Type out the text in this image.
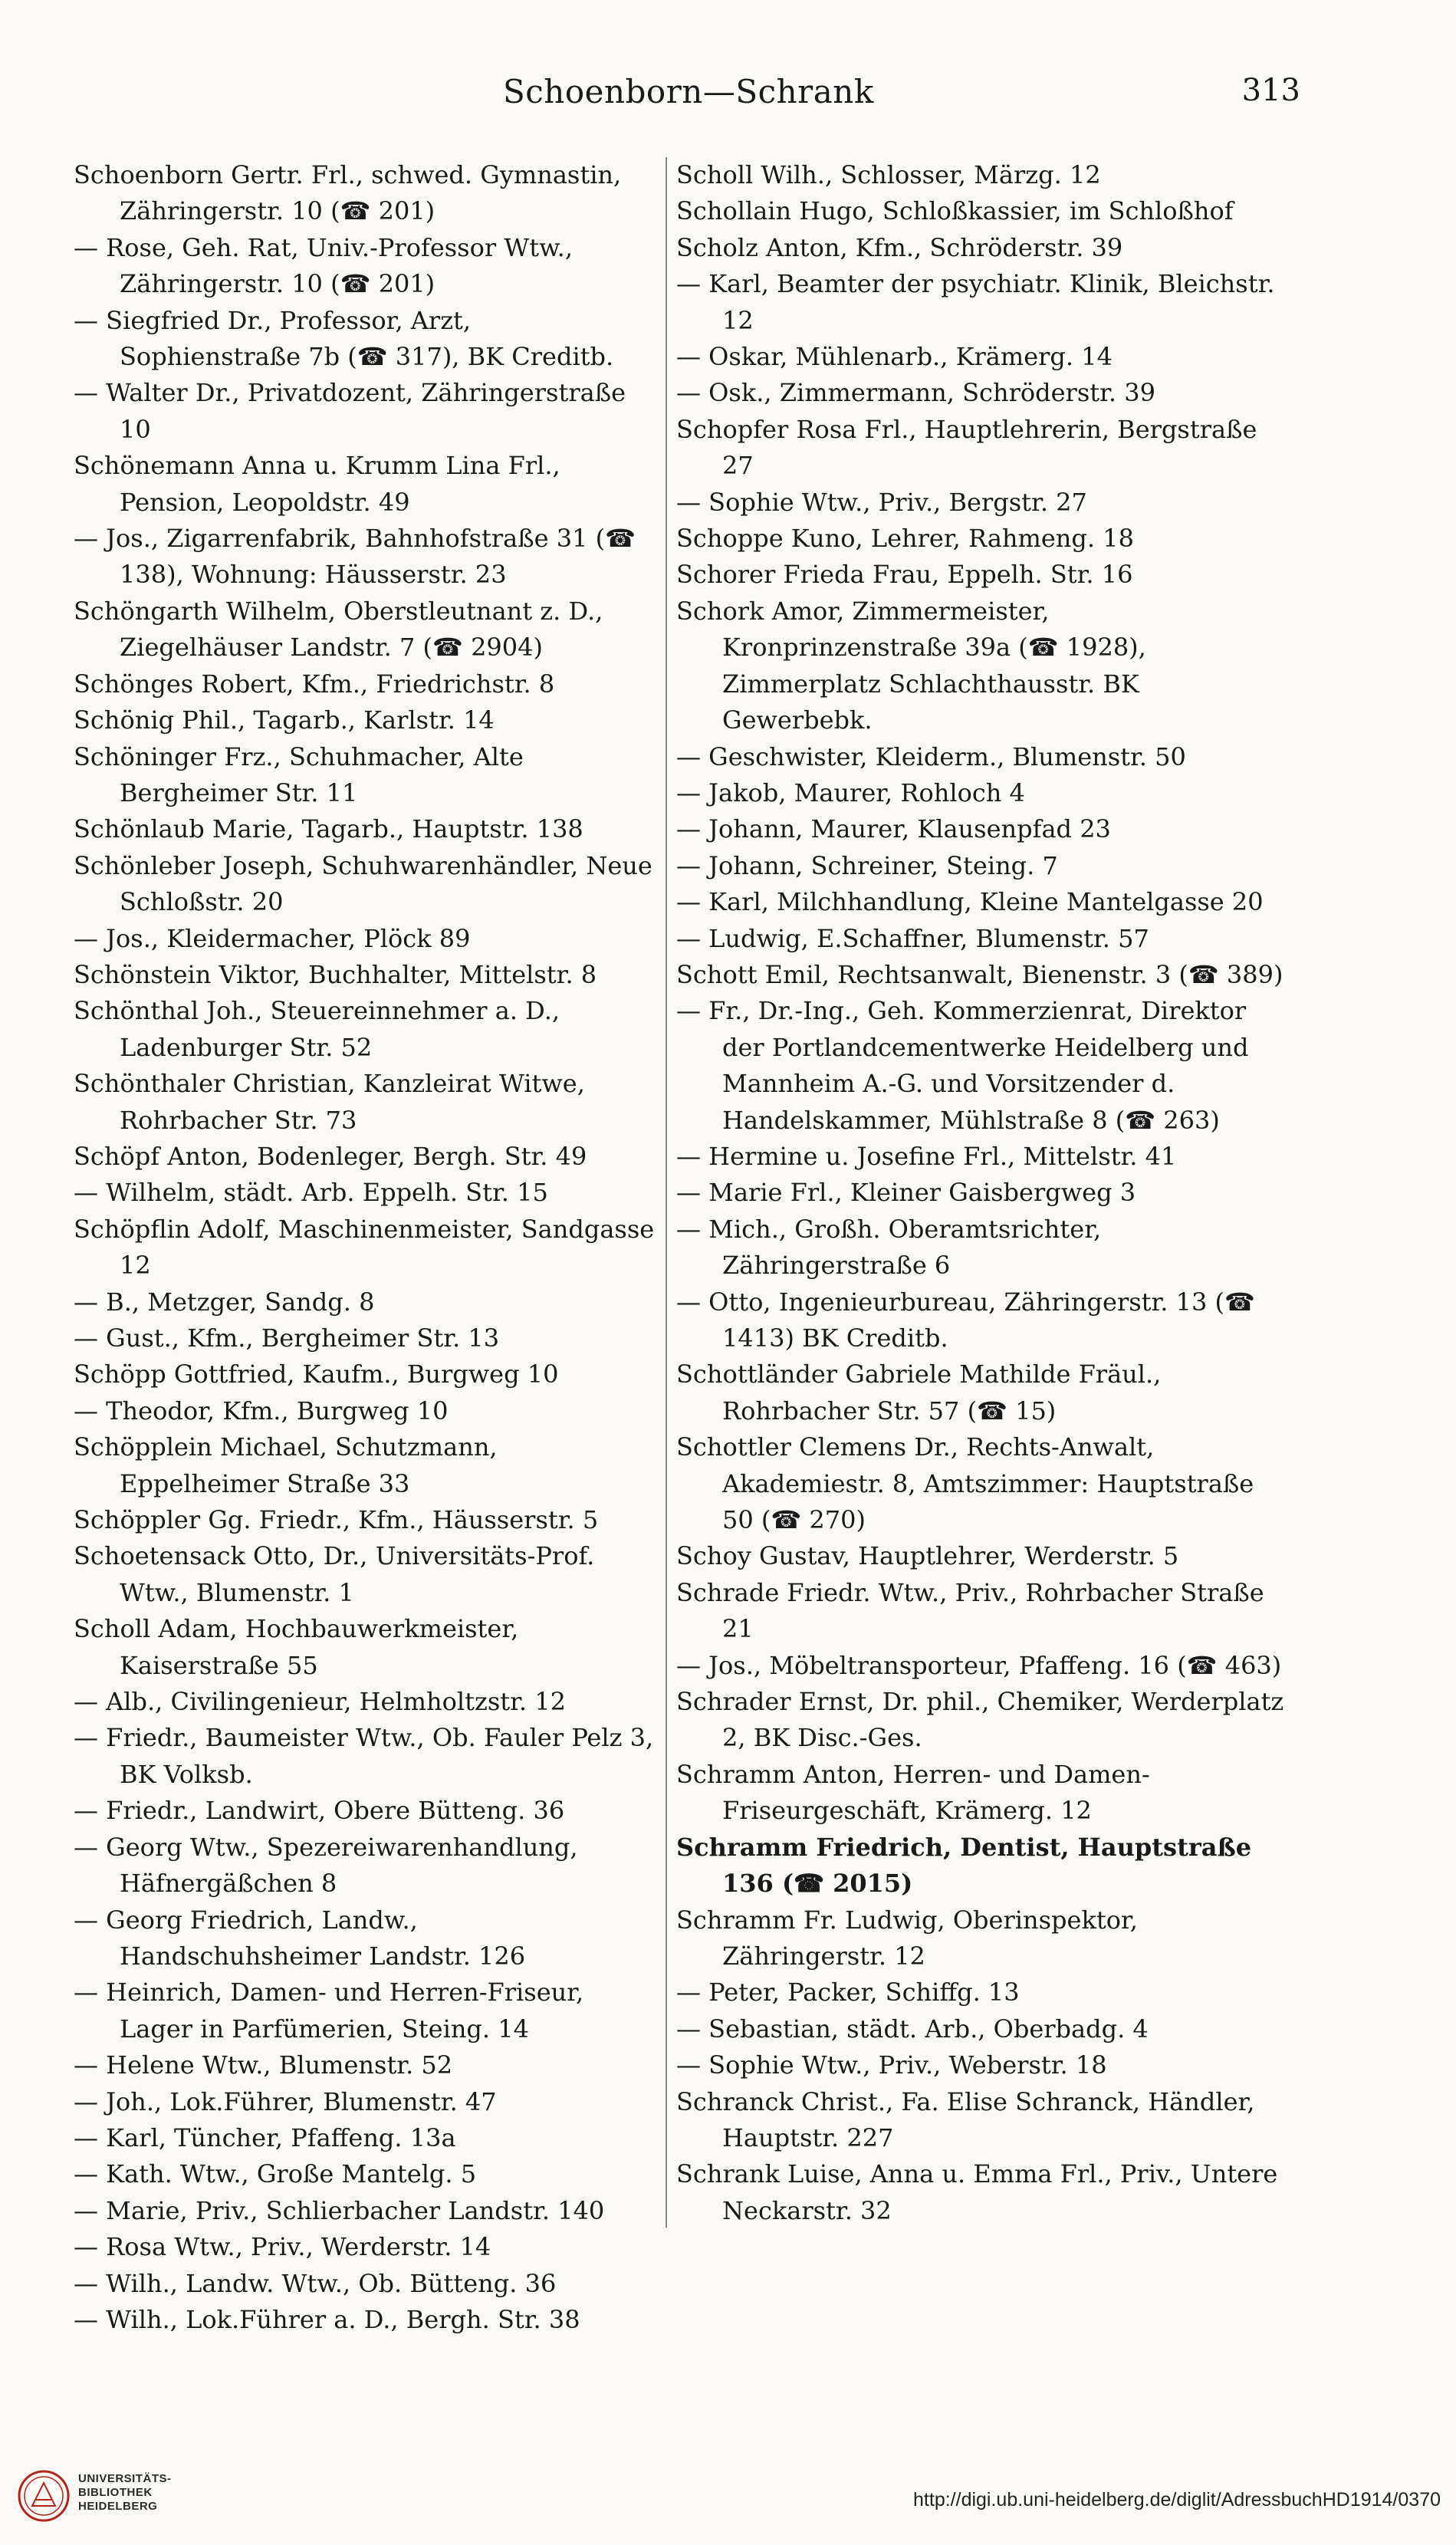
Schoenborn—Schrank	313

Schoenborn Gertr. Frl., schwed. Gymnastin, Zähringerstr. 10 (☎ 201)

— Rose, Geh. Rat, Univ.-Professor Wtw., Zähringerstr. 10 (☎ 201)

— Siegfried Dr., Professor, Arzt, Sophienstraße 7b (☎ 317), BK Creditb.

— Walter Dr., Privatdozent, Zähringerstraße 10

Schönemann Anna u. Krumm Lina Frl., Pension, Leopoldstr. 49

— Jos., Zigarrenfabrik, Bahnhofstraße 31 (☎ 138), Wohnung: Häusserstr. 23

Schöngarth Wilhelm, Oberstleutnant z. D., Ziegelhäuser Landstr. 7 (☎ 2904)

Schönges Robert, Kfm., Friedrichstr. 8

Schönig Phil., Tagarb., Karlstr. 14

Schöninger Frz., Schuhmacher, Alte Bergheimer Str. 11

Schönlaub Marie, Tagarb., Hauptstr. 138

Schönleber Joseph, Schuhwarenhändler, Neue Schloßstr. 20

— Jos., Kleidermacher, Plöck 89

Schönstein Viktor, Buchhalter, Mittelstr. 8

Schönthal Joh., Steuereinnehmer a. D., Ladenburger Str. 52

Schönthaler Christian, Kanzleirat Witwe, Rohrbacher Str. 73

Schöpf Anton, Bodenleger, Bergh. Str. 49

— Wilhelm, städt. Arb. Eppelh. Str. 15

Schöpflin Adolf, Maschinenmeister, Sandgasse 12

— B., Metzger, Sandg. 8

— Gust., Kfm., Bergheimer Str. 13

Schöpp Gottfried, Kaufm., Burgweg 10

— Theodor, Kfm., Burgweg 10

Schöpplein Michael, Schutzmann, Eppelheimer Straße 33

Schöppler Gg. Friedr., Kfm., Häusserstr. 5

Schoetensack Otto, Dr., Universitäts-Prof. Wtw., Blumenstr. 1

Scholl Adam, Hochbauwerkmeister, Kaiserstraße 55

— Alb., Civilingenieur, Helmholtzstr. 12

— Friedr., Baumeister Wtw., Ob. Fauler Pelz 3, BK Volksb.

— Friedr., Landwirt, Obere Bütteng. 36

— Georg Wtw., Spezereiwarenhandlung, Häfnergäßchen 8

— Georg Friedrich, Landw., Handschuhsheimer Landstr. 126

— Heinrich, Damen- und Herren-Friseur, Lager in Parfümerien, Steing. 14

— Helene Wtw., Blumenstr. 52

— Joh., Lok.Führer, Blumenstr. 47

— Karl, Tüncher, Pfaffeng. 13a

— Kath. Wtw., Große Mantelg. 5

— Marie, Priv., Schlierbacher Landstr. 140

— Rosa Wtw., Priv., Werderstr. 14

— Wilh., Landw. Wtw., Ob. Bütteng. 36

— Wilh., Lok.Führer a. D., Bergh. Str. 38

Scholl Wilh., Schlosser, Märzg. 12

Schollain Hugo, Schloßkassier, im Schloßhof

Scholz Anton, Kfm., Schröderstr. 39

— Karl, Beamter der psychiatr. Klinik, Bleichstr. 12

— Oskar, Mühlenarb., Krämerg. 14

— Osk., Zimmermann, Schröderstr. 39

Schopfer Rosa Frl., Hauptlehrerin, Bergstraße 27

— Sophie Wtw., Priv., Bergstr. 27

Schoppe Kuno, Lehrer, Rahmeng. 18

Schorer Frieda Frau, Eppelh. Str. 16

Schork Amor, Zimmermeister, Kronprinzenstraße 39a (☎ 1928), Zimmerplatz Schlachthausstr. BK Gewerbebk.

— Geschwister, Kleiderm., Blumenstr. 50

— Jakob, Maurer, Rohloch 4

— Johann, Maurer, Klausenpfad 23

— Johann, Schreiner, Steing. 7

— Karl, Milchhandlung, Kleine Mantelgasse 20

— Ludwig, E.Schaffner, Blumenstr. 57

Schott Emil, Rechtsanwalt, Bienenstr. 3 (☎ 389)

— Fr., Dr.-Ing., Geh. Kommerzienrat, Direktor der Portlandcementwerke Heidelberg und Mannheim A.-G. und Vorsitzender d. Handelskammer, Mühlstraße 8 (☎ 263)

— Hermine u. Josefine Frl., Mittelstr. 41

— Marie Frl., Kleiner Gaisbergweg 3

— Mich., Großh. Oberamtsrichter, Zähringerstraße 6

— Otto, Ingenieurbureau, Zähringerstr. 13 (☎ 1413) BK Creditb.

Schottländer Gabriele Mathilde Fräul., Rohrbacher Str. 57 (☎ 15)

Schottler Clemens Dr., Rechts-Anwalt, Akademiestr. 8, Amtszimmer: Hauptstraße 50 (☎ 270)

Schoy Gustav, Hauptlehrer, Werderstr. 5

Schrade Friedr. Wtw., Priv., Rohrbacher Straße 21

— Jos., Möbeltransporteur, Pfaffeng. 16 (☎ 463)

Schrader Ernst, Dr. phil., Chemiker, Werderplatz 2, BK Disc.-Ges.

Schramm Anton, Herren- und Damen-Friseurgeschäft, Krämerg. 12

Schramm Friedrich, Dentist, Hauptstraße 136 (☎ 2015)

Schramm Fr. Ludwig, Oberinspektor, Zähringerstr. 12

— Peter, Packer, Schiffg. 13

— Sebastian, städt. Arb., Oberbadg. 4

— Sophie Wtw., Priv., Weberstr. 18

Schranck Christ., Fa. Elise Schranck, Händler, Hauptstr. 227

Schrank Luise, Anna u. Emma Frl., Priv., Untere Neckarstr. 32

UNIVERSITÄTS-
BIBLIOTHEK
HEIDELBERG	http://digi.ub.uni-heidelberg.de/diglit/AdressbuchHD1914/0370
